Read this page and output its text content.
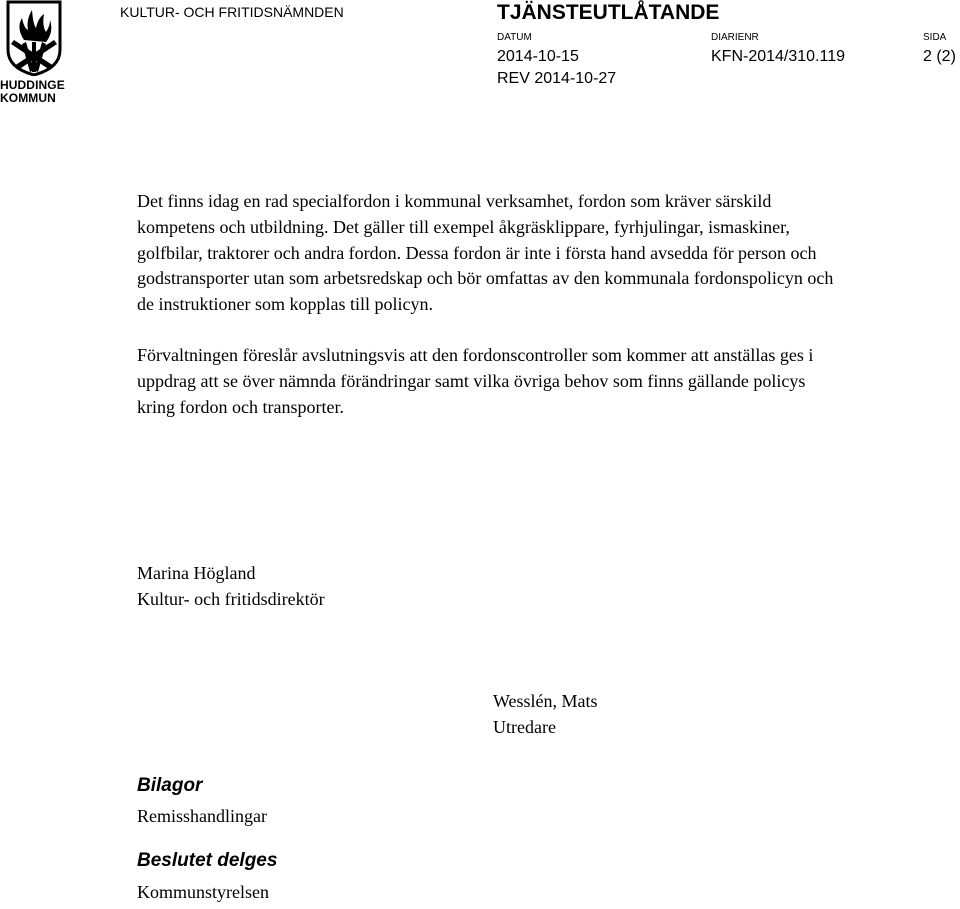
HUDDINGE
KOMMUN
KULTUR- OCH FRITIDSNÄMNDEN	TJÄNSTEUTLÅTANDE
DATUM
2014-10-15
REV 2014-10-27
DIARIENR
KFN-2014/310.119
SIDA
2 (2)

Det finns idag en rad specialfordon i kommunal verksamhet, fordon som kräver särskild kompetens och utbildning. Det gäller till exempel åkgräsklippare, fyrhjulingar, ismaskiner, golfbilar, traktorer och andra fordon. Dessa fordon är inte i första hand avsedda för person och godstransporter utan som arbetsredskap och bör omfattas av den kommunala fordonspolicyn och de instruktioner som kopplas till policyn.

Förvaltningen föreslår avslutningsvis att den fordonscontroller som kommer att anställas ges i uppdrag att se över nämnda förändringar samt vilka övriga behov som finns gällande policys kring fordon och transporter.

Marina Högland
Kultur- och fritidsdirektör
Wesslén, Mats
Utredare
Bilagor
Remisshandlingar
Beslutet delges
Kommunstyrelsen
